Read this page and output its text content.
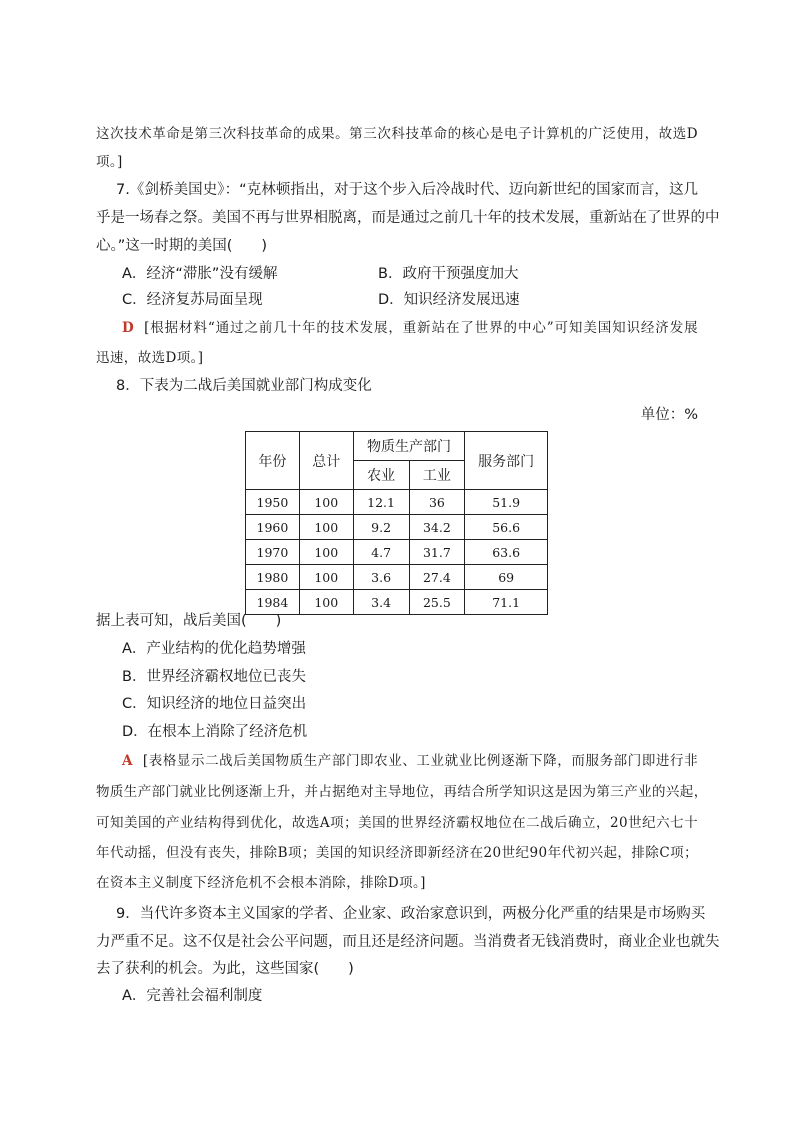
这次技术革命是第三次科技革命的成果。第三次科技革命的核心是电子计算机的广泛使用，故选D
项。]
7.《剑桥美国史》：“克林顿指出，对于这个步入后冷战时代、迈向新世纪的国家而言，这几
乎是一场春之祭。美国不再与世界相脱离，而是通过之前几十年的技术发展，重新站在了世界的中
心。”这一时期的美国(　　)
A．经济“滞胀”没有缓解	B．政府干预强度加大
C．经济复苏局面呈现	D．知识经济发展迅速
D [根据材料“通过之前几十年的技术发展，重新站在了世界的中心”可知美国知识经济发展
迅速，故选D项。]
8．下表为二战后美国就业部门构成变化
单位：%
年份	总计	物质生产部门		服务部门
		农业	工业	
1950	100	12.1	36	51.9
1960	100	9.2	34.2	56.6
1970	100	4.7	31.7	63.6
1980	100	3.6	27.4	69
1984	100	3.4	25.5	71.1
据上表可知，战后美国(　　)
A．产业结构的优化趋势增强
B．世界经济霸权地位已丧失
C．知识经济的地位日益突出
D．在根本上消除了经济危机
A [表格显示二战后美国物质生产部门即农业、工业就业比例逐渐下降，而服务部门即进行非
物质生产部门就业比例逐渐上升，并占据绝对主导地位，再结合所学知识这是因为第三产业的兴起，
可知美国的产业结构得到优化，故选A项；美国的世界经济霸权地位在二战后确立，20世纪六七十
年代动摇，但没有丧失，排除B项；美国的知识经济即新经济在20世纪90年代初兴起，排除C项；
在资本主义制度下经济危机不会根本消除，排除D项。]
9．当代许多资本主义国家的学者、企业家、政治家意识到，两极分化严重的结果是市场购买
力严重不足。这不仅是社会公平问题，而且还是经济问题。当消费者无钱消费时，商业企业也就失
去了获利的机会。为此，这些国家(　　)
A．完善社会福利制度
